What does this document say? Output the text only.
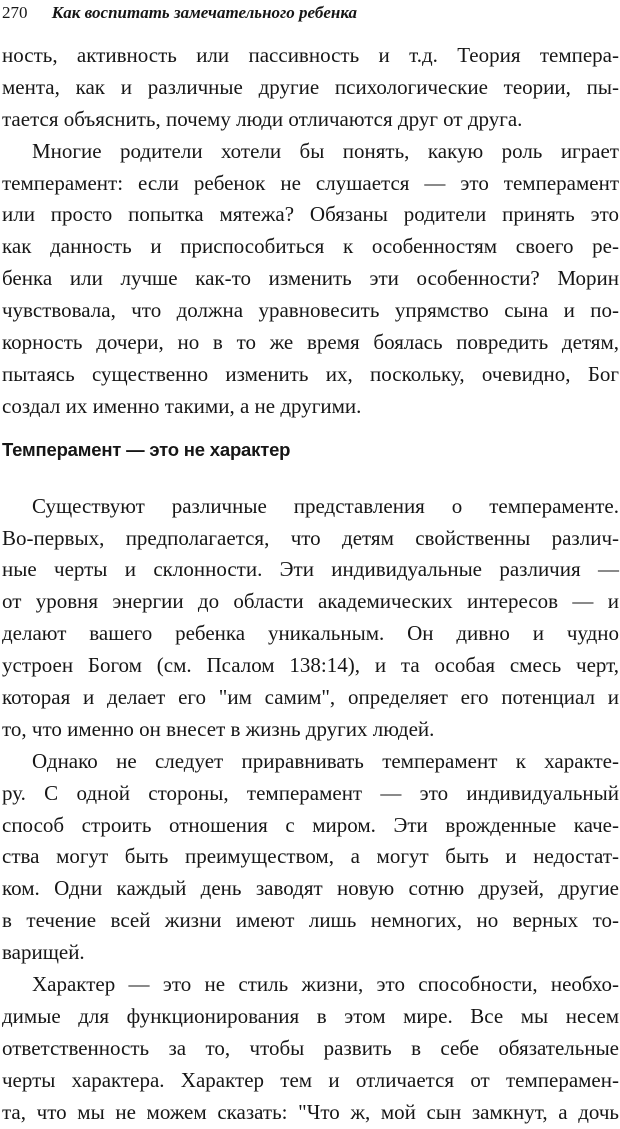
270 Как воспитать замечательного ребенка
ность, активность или пассивность и т.д. Теория темпера-
мента, как и различные другие психологические теории, пы-
тается объяснить, почему люди отличаются друг от друга.
Многие родители хотели бы понять, какую роль играет
темперамент: если ребенок не слушается — это темперамент
или просто попытка мятежа? Обязаны родители принять это
как данность и приспособиться к особенностям своего ре-
бенка или лучше как-то изменить эти особенности? Морин
чувствовала, что должна уравновесить упрямство сына и по-
корность дочери, но в то же время боялась повредить детям,
пытаясь существенно изменить их, поскольку, очевидно, Бог
создал их именно такими, а не другими.
Темперамент — это не характер
Существуют различные представления о темпераменте.
Во-первых, предполагается, что детям свойственны различ-
ные черты и склонности. Эти индивидуальные различия —
от уровня энергии до области академических интересов — и
делают вашего ребенка уникальным. Он дивно и чудно
устроен Богом (см. Псалом 138:14), и та особая смесь черт,
которая и делает его "им самим", определяет его потенциал и
то, что именно он внесет в жизнь других людей.
Однако не следует приравнивать темперамент к характе-
ру. С одной стороны, темперамент — это индивидуальный
способ строить отношения с миром. Эти врожденные каче-
ства могут быть преимуществом, а могут быть и недостат-
ком. Одни каждый день заводят новую сотню друзей, другие
в течение всей жизни имеют лишь немногих, но верных то-
варищей.
Характер — это не стиль жизни, это способности, необхо-
димые для функционирования в этом мире. Все мы несем
ответственность за то, чтобы развить в себе обязательные
черты характера. Характер тем и отличается от темперамен-
та, что мы не можем сказать: "Что ж, мой сын замкнут, а дочь
